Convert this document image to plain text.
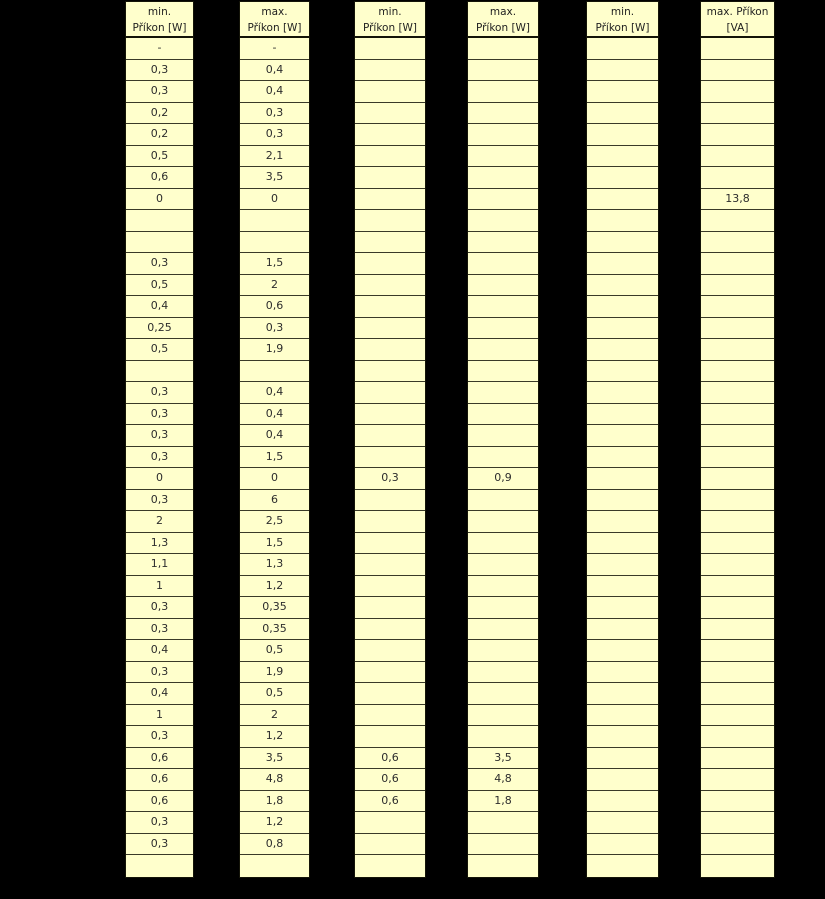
min.
Příkon [W]
-
0,3
0,3
0,2
0,2
0,5
0,6
0
0,3
0,5
0,4
0,25
0,5
0,3
0,3
0,3
0,3
0
0,3
2
1,3
1,1
1
0,3
0,3
0,4
0,3
0,4
1
0,3
0,6
0,6
0,6
0,3
0,3
max.
Příkon [W]
-
0,4
0,4
0,3
0,3
2,1
3,5
0
1,5
2
0,6
0,3
1,9
0,4
0,4
0,4
1,5
0
6
2,5
1,5
1,3
1,2
0,35
0,35
0,5
1,9
0,5
2
1,2
3,5
4,8
1,8
1,2
0,8
min.
Příkon [W]
0,3
0,6
0,6
0,6
max.
Příkon [W]
0,9
3,5
4,8
1,8
min.
Příkon [W]
max. Příkon
[VA]
13,8
